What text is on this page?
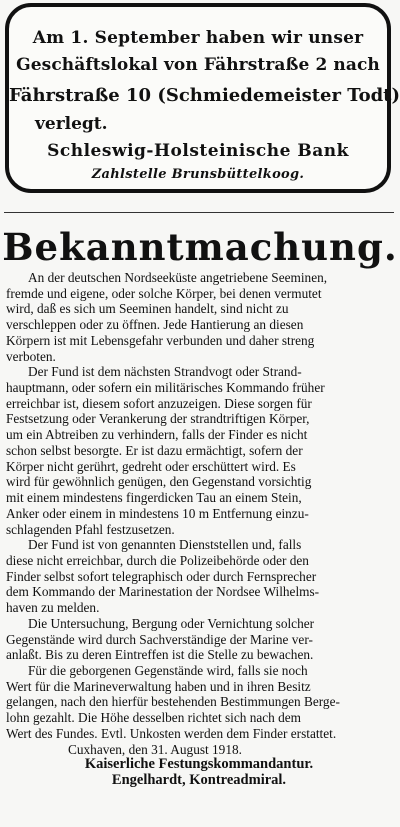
Am 1. September haben wir unser
Geschäftslokal von Fährstraße 2 nach
Fährstraße 10 (Schmiedemeister Todt)
verlegt.
Schleswig-Holsteinische Bank
Zahlstelle Brunsbüttelkoog.
Bekanntmachung.
An der deutschen Nordseeküste angetriebene Seeminen,
fremde und eigene, oder solche Körper, bei denen vermutet
wird, daß es sich um Seeminen handelt, sind nicht zu
verschleppen oder zu öffnen. Jede Hantierung an diesen
Körpern ist mit Lebensgefahr verbunden und daher streng
verboten.
Der Fund ist dem nächsten Strandvogt oder Strand-
hauptmann, oder sofern ein militärisches Kommando früher
erreichbar ist, diesem sofort anzuzeigen. Diese sorgen für
Festsetzung oder Verankerung der strandtriftigen Körper,
um ein Abtreiben zu verhindern, falls der Finder es nicht
schon selbst besorgte. Er ist dazu ermächtigt, sofern der
Körper nicht gerührt, gedreht oder erschüttert wird. Es
wird für gewöhnlich genügen, den Gegenstand vorsichtig
mit einem mindestens fingerdicken Tau an einem Stein,
Anker oder einem in mindestens 10 m Entfernung einzu-
schlagenden Pfahl festzusetzen.
Der Fund ist von genannten Dienststellen und, falls
diese nicht erreichbar, durch die Polizeibehörde oder den
Finder selbst sofort telegraphisch oder durch Fernsprecher
dem Kommando der Marinestation der Nordsee Wilhelms-
haven zu melden.
Die Untersuchung, Bergung oder Vernichtung solcher
Gegenstände wird durch Sachverständige der Marine ver-
anlaßt. Bis zu deren Eintreffen ist die Stelle zu bewachen.
Für die geborgenen Gegenstände wird, falls sie noch
Wert für die Marineverwaltung haben und in ihren Besitz
gelangen, nach den hierfür bestehenden Bestimmungen Berge-
lohn gezahlt. Die Höhe desselben richtet sich nach dem
Wert des Fundes. Evtl. Unkosten werden dem Finder erstattet.
Cuxhaven, den 31. August 1918.
Kaiserliche Festungskommandantur.
Engelhardt, Kontreadmiral.
